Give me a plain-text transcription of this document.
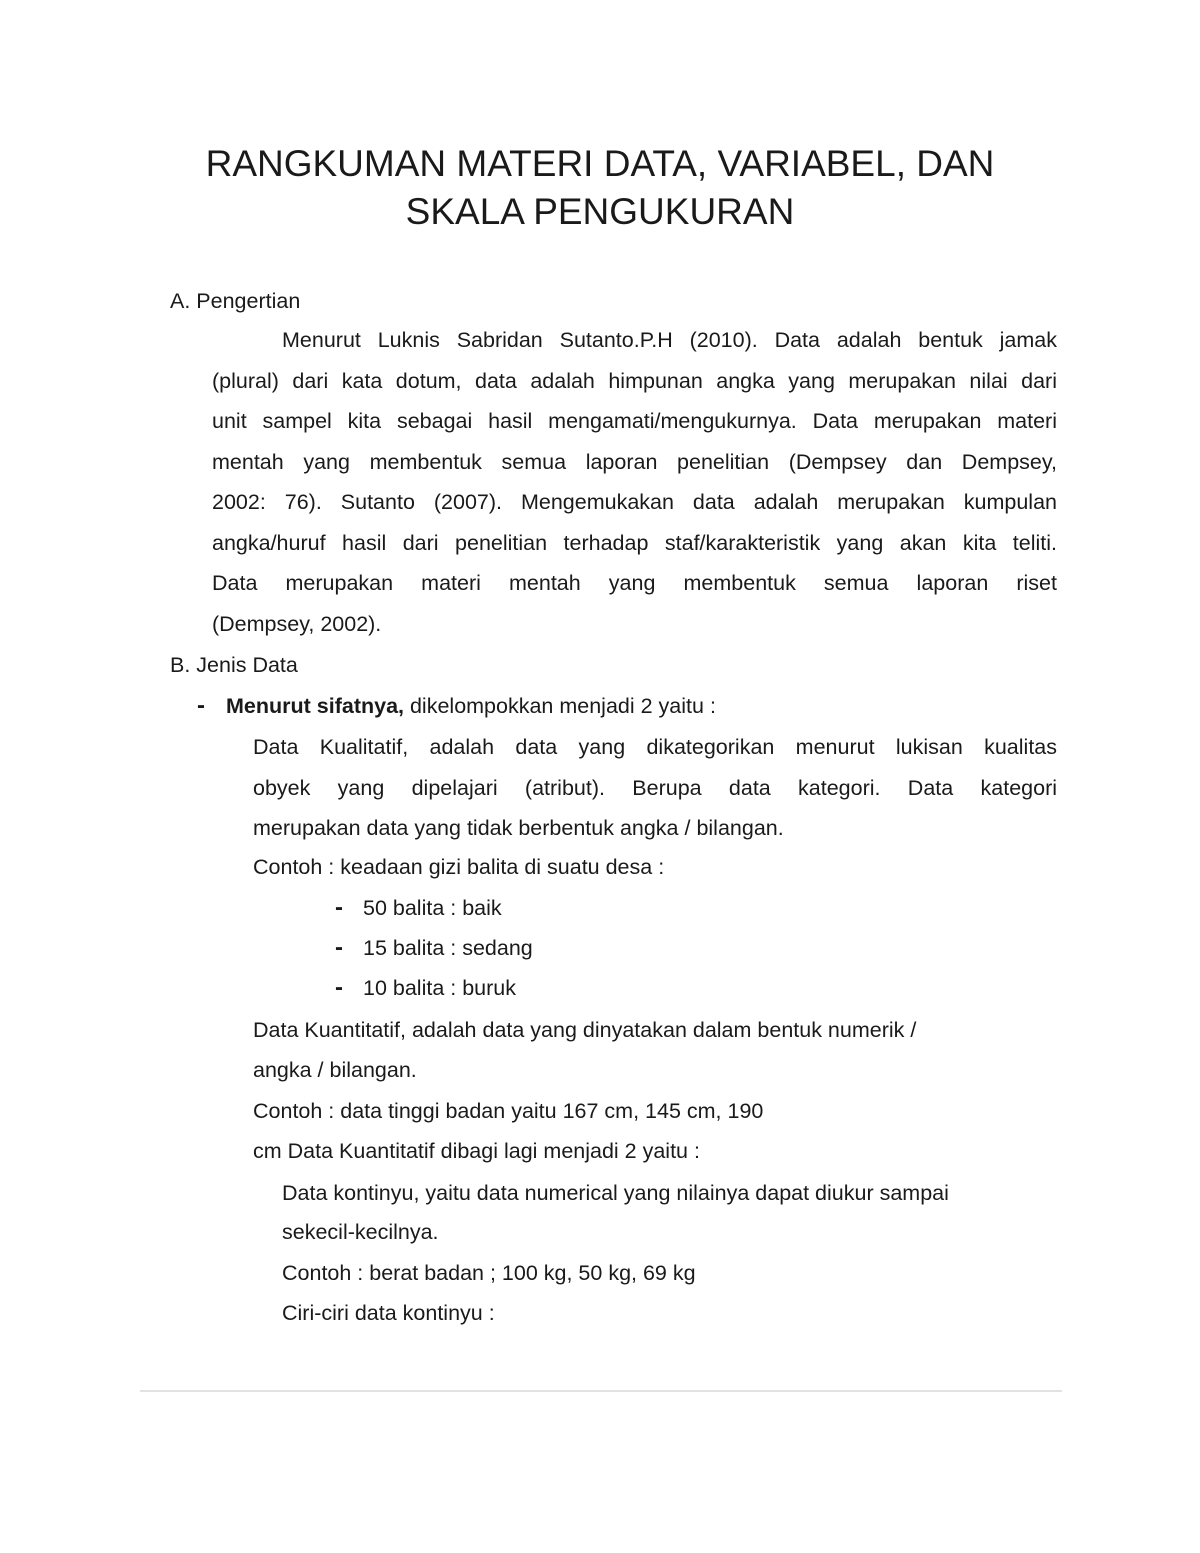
RANGKUMAN MATERI DATA, VARIABEL, DAN
SKALA PENGUKURAN

A. Pengertian

Menurut Luknis Sabridan Sutanto.P.H (2010). Data adalah bentuk jamak
(plural) dari kata dotum, data adalah himpunan angka yang merupakan nilai dari
unit sampel kita sebagai hasil mengamati/mengukurnya. Data merupakan materi
mentah yang membentuk semua laporan penelitian (Dempsey dan Dempsey,
2002: 76). Sutanto (2007). Mengemukakan data adalah merupakan kumpulan
angka/huruf hasil dari penelitian terhadap staf/karakteristik yang akan kita teliti.
Data merupakan materi mentah yang membentuk semua laporan riset
(Dempsey, 2002).

B. Jenis Data

- Menurut sifatnya, dikelompokkan menjadi 2 yaitu :

Data Kualitatif, adalah data yang dikategorikan menurut lukisan kualitas
obyek yang dipelajari (atribut). Berupa data kategori. Data kategori
merupakan data yang tidak berbentuk angka / bilangan.

Contoh : keadaan gizi balita di suatu desa :

- 50 balita : baik

- 15 balita : sedang

- 10 balita : buruk

Data Kuantitatif, adalah data yang dinyatakan dalam bentuk numerik /

angka / bilangan.

Contoh : data tinggi badan yaitu 167 cm, 145 cm, 190

cm Data Kuantitatif dibagi lagi menjadi 2 yaitu :

Data kontinyu, yaitu data numerical yang nilainya dapat diukur sampai

sekecil-kecilnya.

Contoh : berat badan ; 100 kg, 50 kg, 69 kg

Ciri-ciri data kontinyu :
